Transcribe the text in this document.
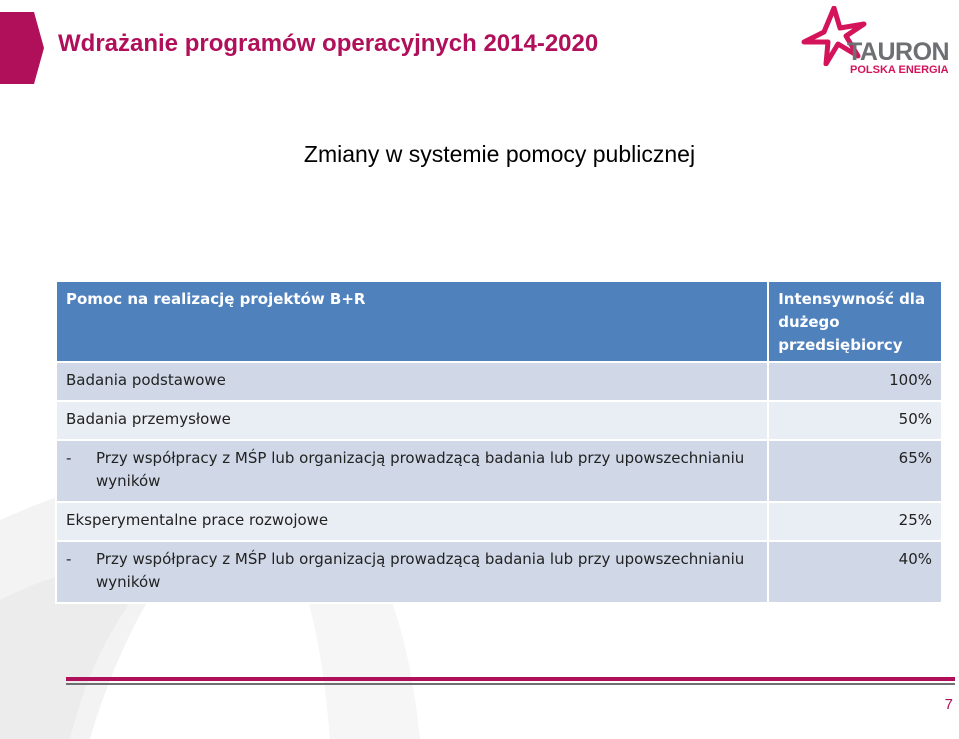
Wdrażanie programów operacyjnych 2014-2020	TAURON
POLSKA ENERGIA
Zmiany w systemie pomocy publicznej
Pomoc na realizację projektów B+R	Intensywność dla dużego przedsiębiorcy
Badania podstawowe	100%
Badania przemysłowe	50%

- Przy współpracy z MŚP lub organizacją prowadzącą badania lub przy upowszechnianiu wyników	65%
Eksperymentalne prace rozwojowe	25%

- Przy współpracy z MŚP lub organizacją prowadzącą badania lub przy upowszechnianiu wyników	40%
7
